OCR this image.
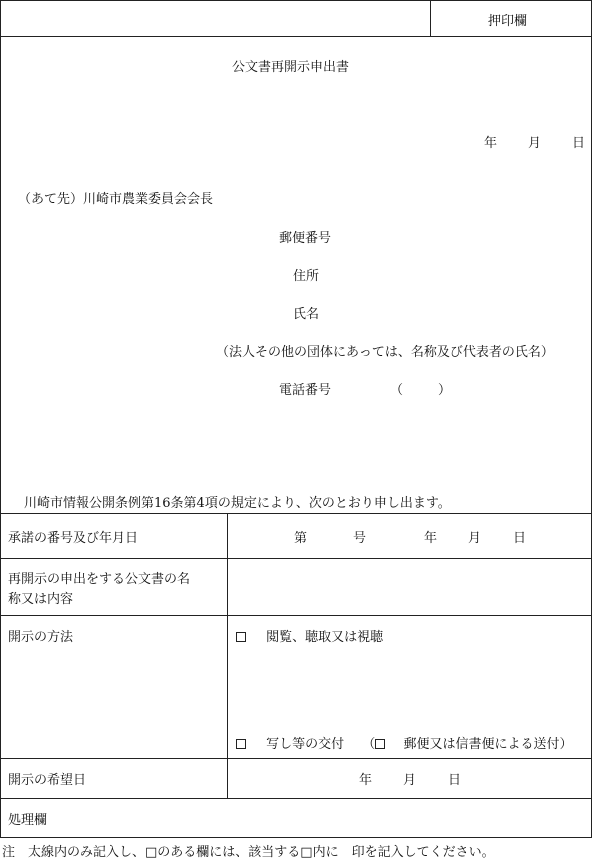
押印欄
公文書再開示申出書
年 月 日
（あて先）川崎市農業委員会会長
郵便番号
住所
氏名
（法人その他の団体にあっては、名称及び代表者の氏名）
電話番号	（	）
川崎市情報公開条例第16条第4項の規定により、次のとおり申し出ます。
承諾の番号及び年月日	第	号	年 月 日
再開示の申出をする公文書の名
称又は内容
開示の方法	閲覧、聴取又は視聴
写し等の交付 （ 郵便又は信書便による送付）
開示の希望日	年 月 日
処理欄
注　太線内のみ記入し、□のある欄には、該当する□内に　印を記入してください。
